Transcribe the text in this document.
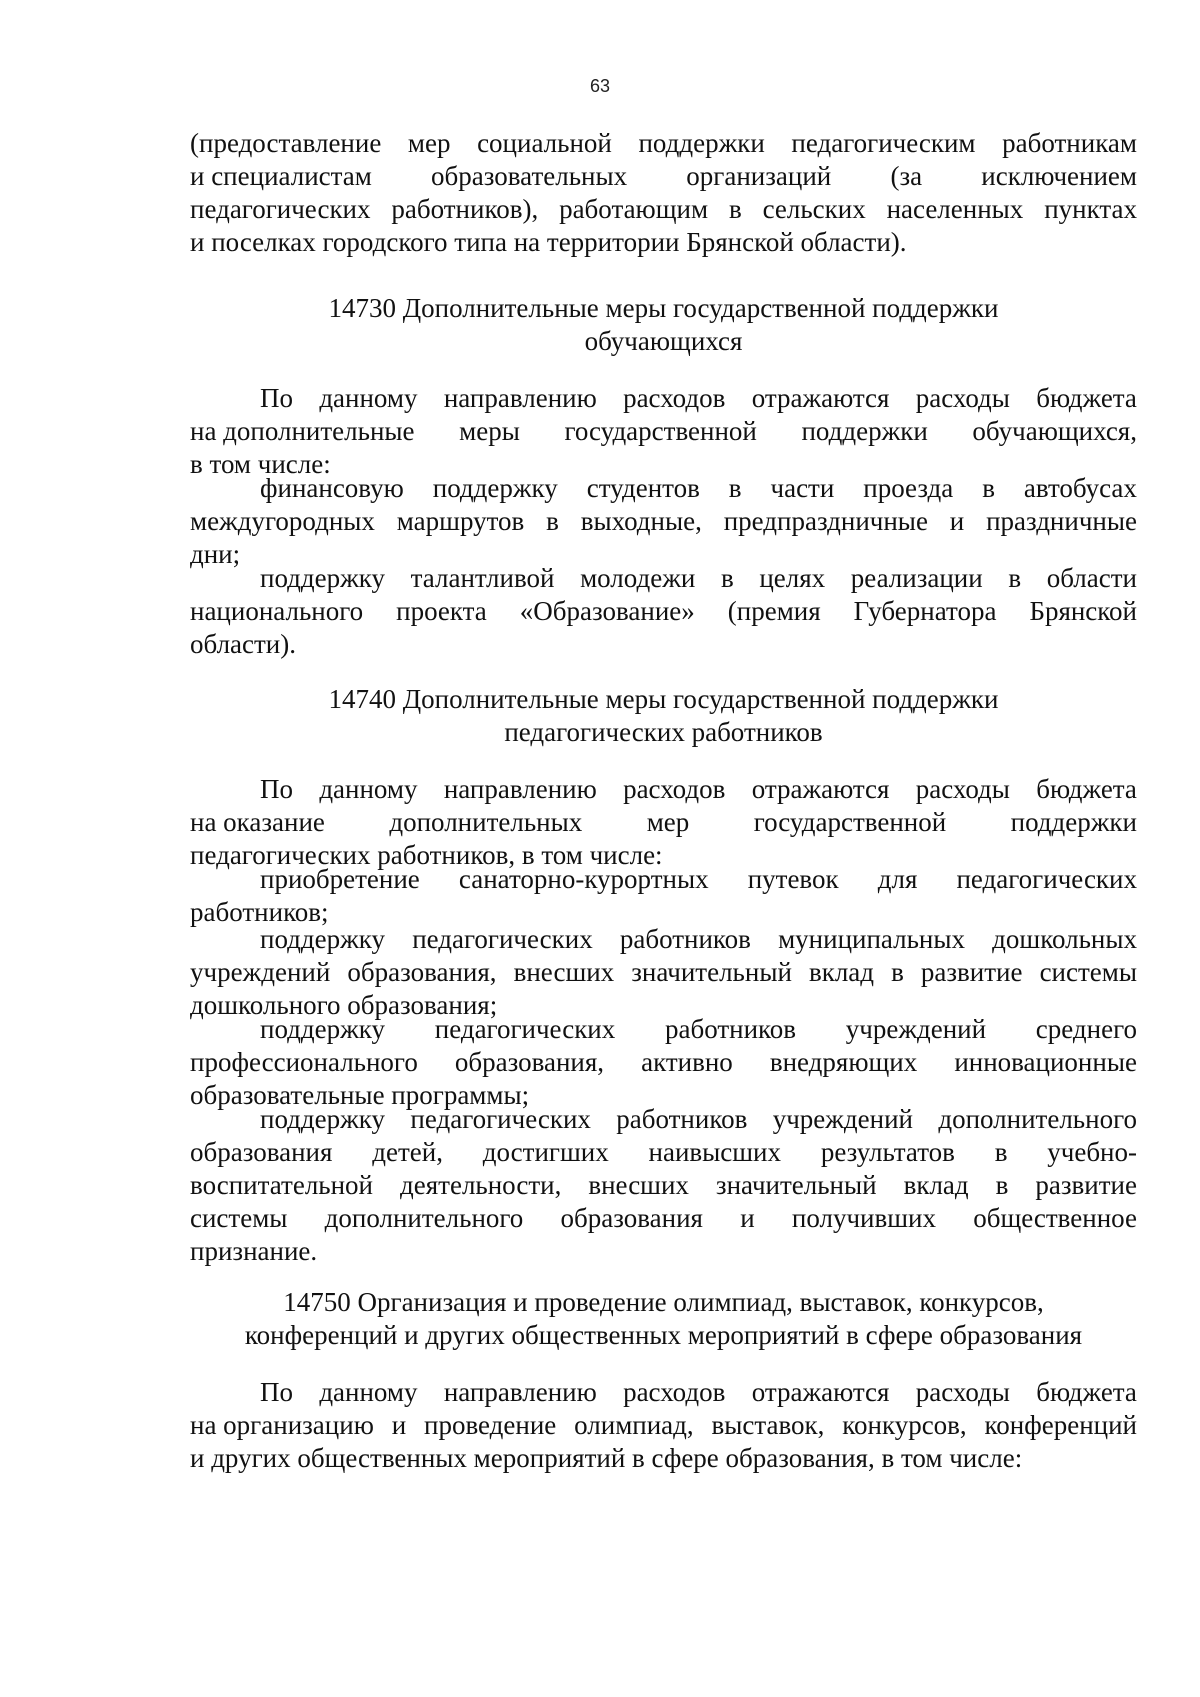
63
(предоставление мер социальной поддержки педагогическим работникам
и специалистам образовательных организаций (за исключением
педагогических работников), работающим в сельских населенных пунктах
и поселках городского типа на территории Брянской области).
14730 Дополнительные меры государственной поддержки
обучающихся
По данному направлению расходов отражаются расходы бюджета
на дополнительные меры государственной поддержки обучающихся,
в том числе:
финансовую поддержку студентов в части проезда в автобусах
междугородных маршрутов в выходные, предпраздничные и праздничные
дни;
поддержку талантливой молодежи в целях реализации в области
национального проекта «Образование» (премия Губернатора Брянской
области).
14740 Дополнительные меры государственной поддержки
педагогических работников
По данному направлению расходов отражаются расходы бюджета
на оказание дополнительных мер государственной поддержки
педагогических работников, в том числе:
приобретение санаторно-курортных путевок для педагогических
работников;
поддержку педагогических работников муниципальных дошкольных
учреждений образования, внесших значительный вклад в развитие системы
дошкольного образования;
поддержку педагогических работников учреждений среднего
профессионального образования, активно внедряющих инновационные
образовательные программы;
поддержку педагогических работников учреждений дополнительного
образования детей, достигших наивысших результатов в учебно-
воспитательной деятельности, внесших значительный вклад в развитие
системы дополнительного образования и получивших общественное
признание.
14750 Организация и проведение олимпиад, выставок, конкурсов,
конференций и других общественных мероприятий в сфере образования
По данному направлению расходов отражаются расходы бюджета
на организацию и проведение олимпиад, выставок, конкурсов, конференций
и других общественных мероприятий в сфере образования, в том числе:
